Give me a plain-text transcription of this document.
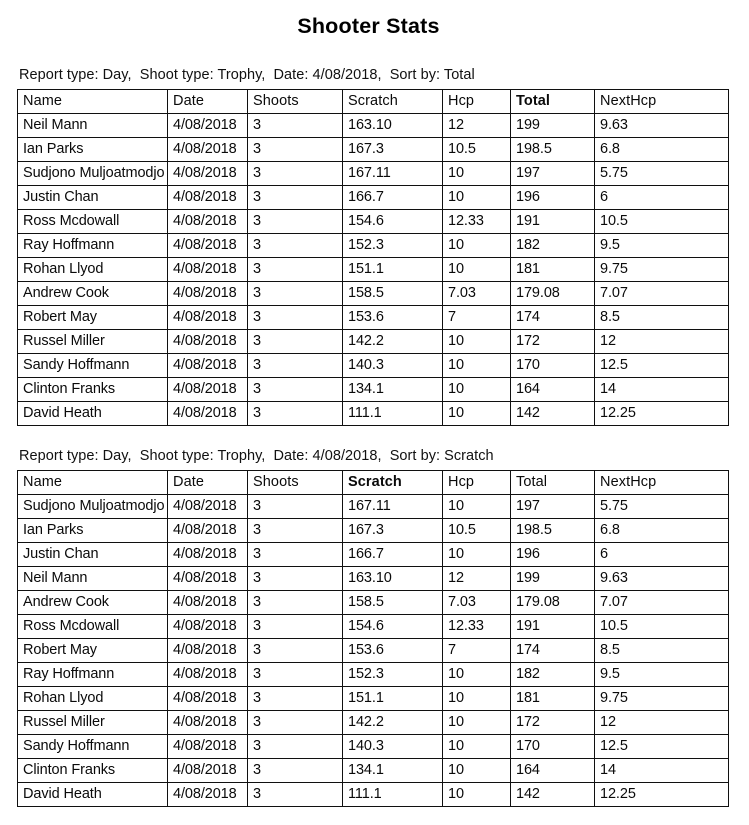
Shooter Stats

Report type: Day,  Shoot type: Trophy,  Date: 4/08/2018,  Sort by: Total

Name	Date	Shoots	Scratch	Hcp	Total	NextHcp

Neil Mann	4/08/2018	3	163.10	12	199	9.63

Ian Parks	4/08/2018	3	167.3	10.5	198.5	6.8

Sudjono Muljoatmodjo	4/08/2018	3	167.11	10	197	5.75

Justin Chan	4/08/2018	3	166.7	10	196	6

Ross Mcdowall	4/08/2018	3	154.6	12.33	191	10.5

Ray Hoffmann	4/08/2018	3	152.3	10	182	9.5

Rohan Llyod	4/08/2018	3	151.1	10	181	9.75

Andrew Cook	4/08/2018	3	158.5	7.03	179.08	7.07

Robert May	4/08/2018	3	153.6	7	174	8.5

Russel Miller	4/08/2018	3	142.2	10	172	12

Sandy Hoffmann	4/08/2018	3	140.3	10	170	12.5

Clinton Franks	4/08/2018	3	134.1	10	164	14

David Heath	4/08/2018	3	111.1	10	142	12.25

Report type: Day,  Shoot type: Trophy,  Date: 4/08/2018,  Sort by: Scratch

Name	Date	Shoots	Scratch	Hcp	Total	NextHcp

Sudjono Muljoatmodjo	4/08/2018	3	167.11	10	197	5.75

Ian Parks	4/08/2018	3	167.3	10.5	198.5	6.8

Justin Chan	4/08/2018	3	166.7	10	196	6

Neil Mann	4/08/2018	3	163.10	12	199	9.63

Andrew Cook	4/08/2018	3	158.5	7.03	179.08	7.07

Ross Mcdowall	4/08/2018	3	154.6	12.33	191	10.5

Robert May	4/08/2018	3	153.6	7	174	8.5

Ray Hoffmann	4/08/2018	3	152.3	10	182	9.5

Rohan Llyod	4/08/2018	3	151.1	10	181	9.75

Russel Miller	4/08/2018	3	142.2	10	172	12

Sandy Hoffmann	4/08/2018	3	140.3	10	170	12.5

Clinton Franks	4/08/2018	3	134.1	10	164	14

David Heath	4/08/2018	3	111.1	10	142	12.25
